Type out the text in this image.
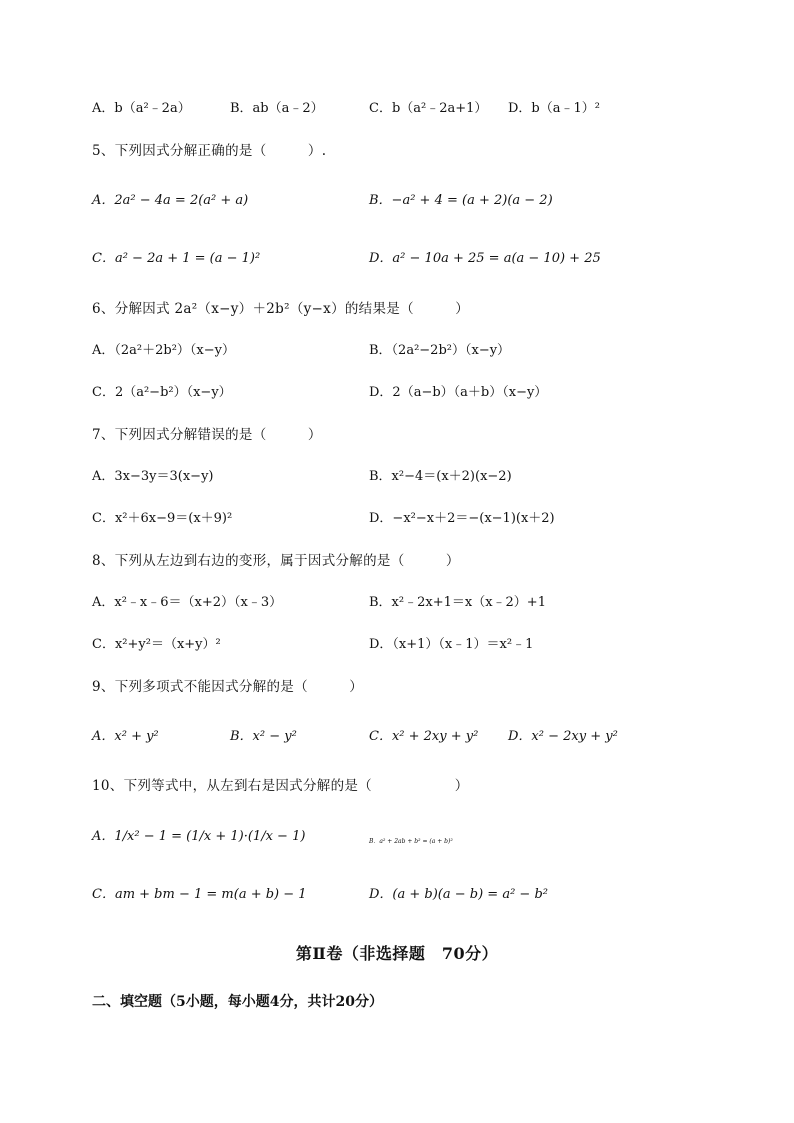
A．b（a²﹣2a）	B．ab（a﹣2）	C．b（a²﹣2a+1） D．b（a﹣1）²
5、下列因式分解正确的是（　　　）.
A．2a² − 4a = 2(a² + a)	B．−a² + 4 = (a + 2)(a − 2)
C．a² − 2a + 1 = (a − 1)²	D．a² − 10a + 25 = a(a − 10) + 25
6、分解因式 2a²（x−y）＋2b²（y−x）的结果是（　　　）
A．（2a²＋2b²）（x−y）	B．（2a²−2b²）（x−y）
C．2（a²−b²）（x−y）	D．2（a−b）（a＋b）（x−y）
7、下列因式分解错误的是（　　　）
A．3x−3y＝3(x−y)	B．x²−4＝(x＋2)(x−2)
C．x²＋6x−9＝(x＋9)²	D．−x²−x＋2＝−(x−1)(x＋2)
8、下列从左边到右边的变形，属于因式分解的是（　　　）
A．x²﹣x﹣6＝（x+2）（x﹣3）	B．x²﹣2x+1＝x（x﹣2）+1
C．x²+y²＝（x+y）²	D．（x+1）（x﹣1）＝x²﹣1
9、下列多项式不能因式分解的是（　　　）
A．x² + y²	B．x² − y²	C．x² + 2xy + y² D．x² − 2xy + y²
10、下列等式中，从左到右是因式分解的是（　　　　　　）
A．1/x² − 1 = (1/x + 1)·(1/x − 1)	B．a² + 2ab + b² = (a + b)²
C．am + bm − 1 = m(a + b) − 1	D．(a + b)(a − b) = a² − b²
第Ⅱ卷（非选择题　70分）
二、填空题（5小题，每小题4分，共计20分）
